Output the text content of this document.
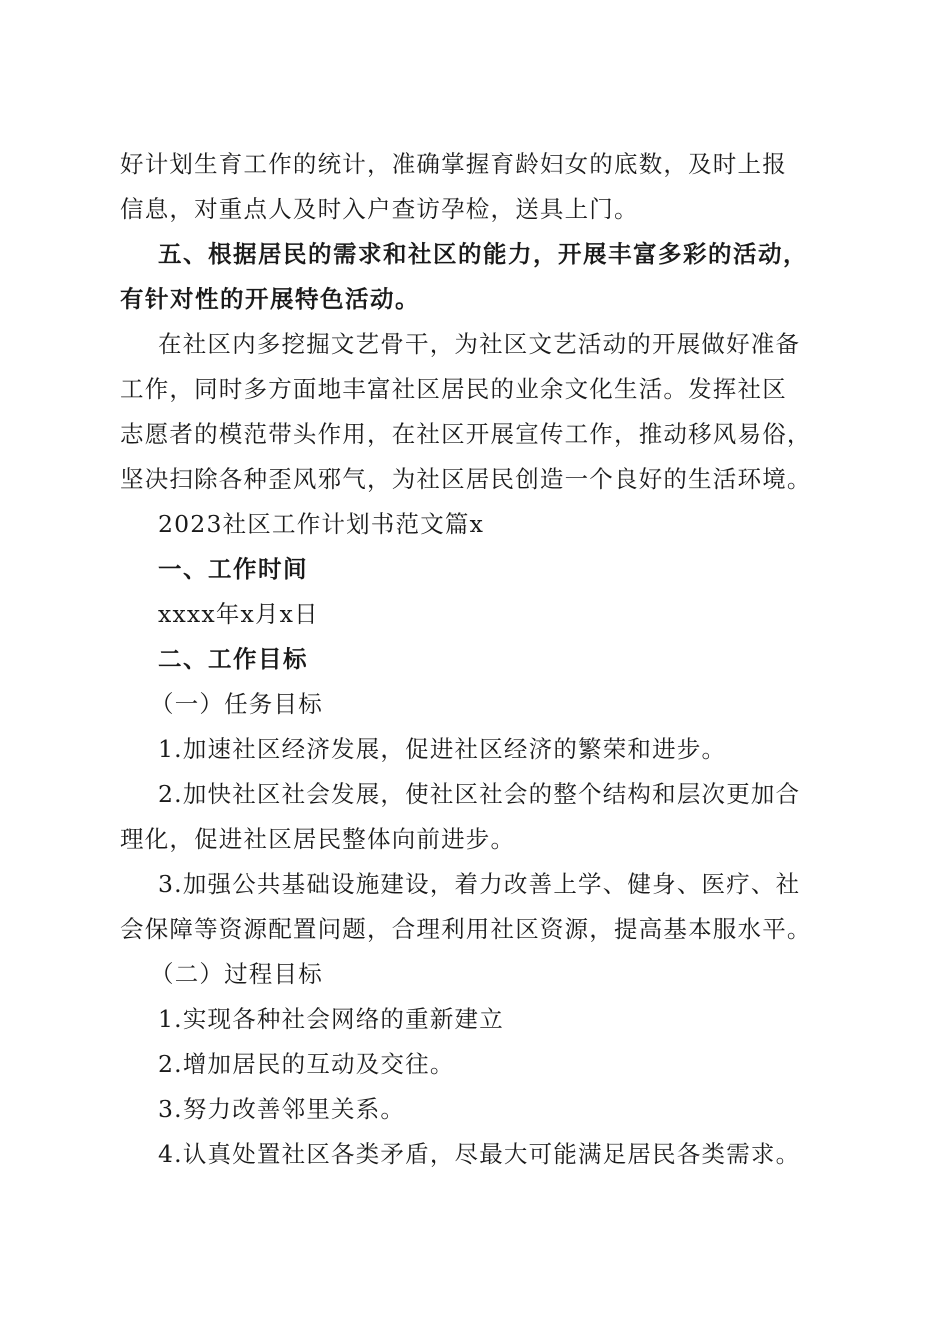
好计划生育工作的统计，准确掌握育龄妇女的底数，及时上报

信息，对重点人及时入户查访孕检，送具上门。

五、根据居民的需求和社区的能力，开展丰富多彩的活动，

有针对性的开展特色活动。

在社区内多挖掘文艺骨干，为社区文艺活动的开展做好准备

工作，同时多方面地丰富社区居民的业余文化生活。发挥社区

志愿者的模范带头作用，在社区开展宣传工作，推动移风易俗，

坚决扫除各种歪风邪气，为社区居民创造一个良好的生活环境。

2023社区工作计划书范文篇x

一、工作时间

xxxx年x月x日

二、工作目标

（一）任务目标

1.加速社区经济发展，促进社区经济的繁荣和进步。

2.加快社区社会发展，使社区社会的整个结构和层次更加合

理化，促进社区居民整体向前进步。

3.加强公共基础设施建设，着力改善上学、健身、医疗、社

会保障等资源配置问题，合理利用社区资源，提高基本服水平。

（二）过程目标

1.实现各种社会网络的重新建立

2.增加居民的互动及交往。

3.努力改善邻里关系。

4.认真处置社区各类矛盾，尽最大可能满足居民各类需求。
